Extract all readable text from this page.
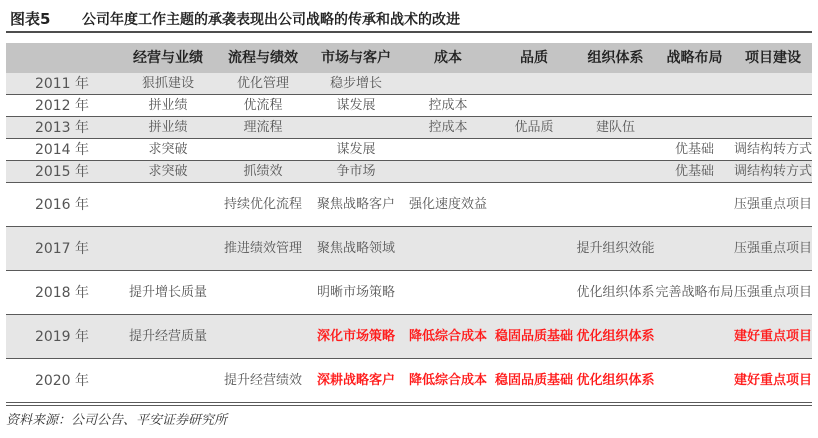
图表5 公司年度工作主题的承袭表现出公司战略的传承和战术的改进
	经营与业绩	流程与绩效	市场与客户	成本	品质	组织体系	战略布局	项目建设
2011 年	狠抓建设	优化管理	稳步增长					
2012 年	拼业绩	优流程	谋发展	控成本				
2013 年	拼业绩	理流程		控成本	优品质	建队伍		
2014 年	求突破		谋发展				优基础	调结构转方式
2015 年	求突破	抓绩效	争市场				优基础	调结构转方式
2016 年		持续优化流程	聚焦战略客户	强化速度效益				压强重点项目
2017 年		推进绩效管理	聚焦战略领域			提升组织效能		压强重点项目
2018 年	提升增长质量		明晰市场策略			优化组织体系	完善战略布局	压强重点项目
2019 年	提升经营质量		深化市场策略	降低综合成本	稳固品质基础	优化组织体系		建好重点项目
2020 年		提升经营绩效	深耕战略客户	降低综合成本	稳固品质基础	优化组织体系		建好重点项目
资料来源：公司公告、平安证券研究所
